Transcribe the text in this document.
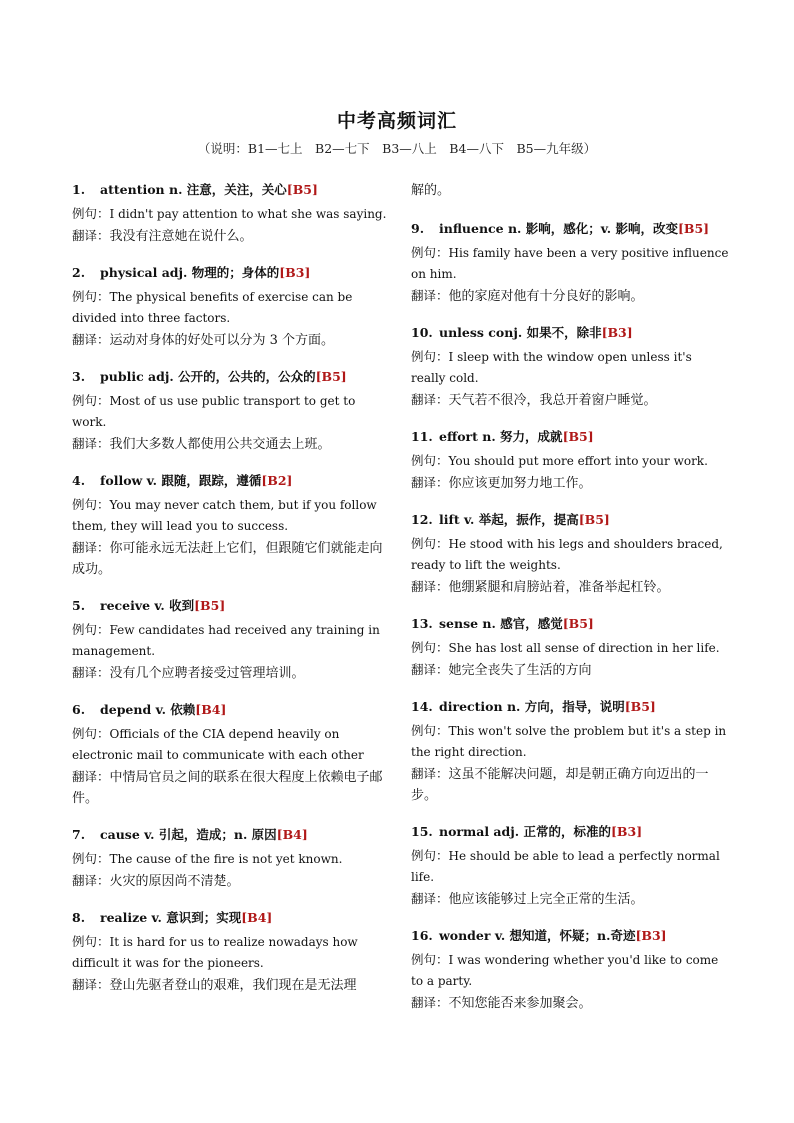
中考高频词汇
（说明：B1—七上　B2—七下　B3—八上　B4—八下　B5—九年级）
1. attention n. 注意，关注，关心[B5]
例句：I didn't pay attention to what she was saying.
翻译：我没有注意她在说什么。
2. physical adj. 物理的；身体的[B3]
例句：The physical benefits of exercise can be divided into three factors.
翻译：运动对身体的好处可以分为 3 个方面。
3. public adj. 公开的，公共的，公众的[B5]
例句：Most of us use public transport to get to work.
翻译：我们大多数人都使用公共交通去上班。
4. follow v. 跟随，跟踪，遵循[B2]
例句：You may never catch them, but if you follow them, they will lead you to success.
翻译：你可能永远无法赶上它们，但跟随它们就能走向成功。
5. receive v. 收到[B5]
例句：Few candidates had received any training in management.
翻译：没有几个应聘者接受过管理培训。
6. depend v. 依赖[B4]
例句：Officials of the CIA depend heavily on electronic mail to communicate with each other
翻译：中情局官员之间的联系在很大程度上依赖电子邮件。
7. cause v. 引起，造成；n. 原因[B4]
例句：The cause of the fire is not yet known.
翻译：火灾的原因尚不清楚。
8. realize v. 意识到；实现[B4]
例句：It is hard for us to realize nowadays how difficult it was for the pioneers.
翻译：登山先驱者登山的艰难，我们现在是无法理
解的。
9. influence n. 影响，感化；v. 影响，改变[B5]
例句：His family have been a very positive influence on him.
翻译：他的家庭对他有十分良好的影响。
10. unless conj. 如果不，除非[B3]
例句：I sleep with the window open unless it's really cold.
翻译：天气若不很冷，我总开着窗户睡觉。
11. effort n. 努力，成就[B5]
例句：You should put more effort into your work.
翻译：你应该更加努力地工作。
12. lift v. 举起，振作，提高[B5]
例句：He stood with his legs and shoulders braced, ready to lift the weights.
翻译：他绷紧腿和肩膀站着，准备举起杠铃。
13. sense n. 感官，感觉[B5]
例句：She has lost all sense of direction in her life.
翻译：她完全丧失了生活的方向
14. direction n. 方向，指导，说明[B5]
例句：This won't solve the problem but it's a step in the right direction.
翻译：这虽不能解决问题，却是朝正确方向迈出的一步。
15. normal adj. 正常的，标准的[B3]
例句：He should be able to lead a perfectly normal life.
翻译：他应该能够过上完全正常的生活。
16. wonder v. 想知道，怀疑；n.奇迹[B3]
例句：I was wondering whether you'd like to come to a party.
翻译：不知您能否来参加聚会。
